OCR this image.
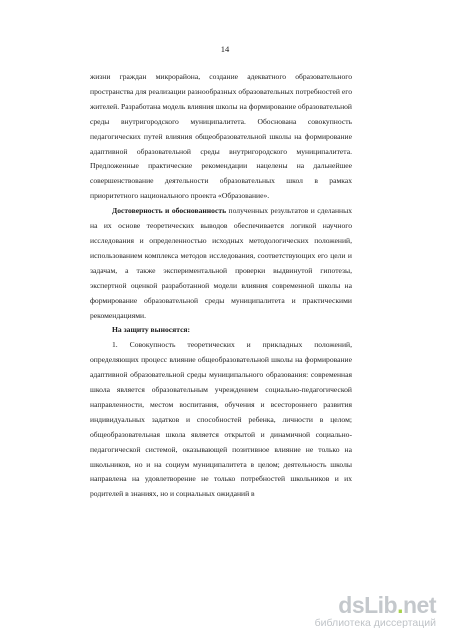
14

жизни граждан микрорайона, создание адекватного образовательного пространства для реализации разнообразных образовательных потребностей его жителей. Разработана модель влияния школы на формирование образовательной среды внутригородского муниципалитета. Обоснована совокупность педагогических путей влияния общеобразовательной школы на формирование адаптивной образовательной среды внутригородского муниципалитета. Предложенные практические рекомендации нацелены на дальнейшее совершенствование деятельности образовательных школ в рамках приоритетного национального проекта «Образование».

Достоверность и обоснованность полученных результатов и сделанных на их основе теоретических выводов обеспечивается логикой научного исследования и определенностью исходных методологических положений, использованием комплекса методов исследования, соответствующих его цели и задачам, а также экспериментальной проверки выдвинутой гипотезы, экспертной оценкой разработанной модели влияния современной школы на формирование образовательной среды муниципалитета и практическими рекомендациями.

На защиту выносятся:

1. Совокупность теоретических и прикладных положений, определяющих процесс влияние общеобразовательной школы на формирование адаптивной образовательной среды муниципального образования: современная школа является образовательным учреждением социально-педагогической направленности, местом воспитания, обучения и всестороннего развития индивидуальных задатков и способностей ребенка, личности в целом; общеобразовательная школа является открытой и динамичной социально-педагогической системой, оказывающей позитивное влияние не только на школьников, но и на социум муниципалитета в целом; деятельность школы направлена на удовлетворение не только потребностей школьников и их родителей в знаниях, но и социальных ожиданий в

dsLib.net
библиотека диссертаций
